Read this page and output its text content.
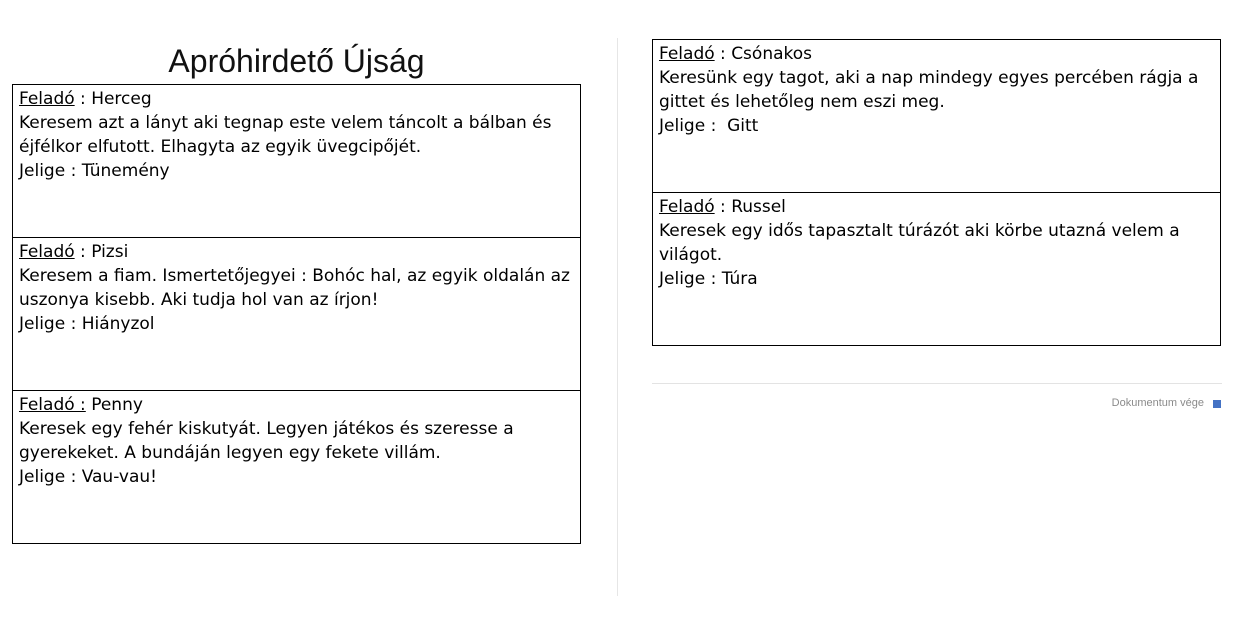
Apróhirdető Újság

Feladó : Herceg

Keresem azt a lányt aki tegnap este velem táncolt a bálban és

éjfélkor elfutott. Elhagyta az egyik üvegcipőjét.

Jelige : Tünemény

Feladó : Pizsi

Keresem a fiam. Ismertetőjegyei : Bohóc hal, az egyik oldalán az

uszonya kisebb. Aki tudja hol van az írjon!

Jelige : Hiányzol

Feladó : Penny

Keresek egy fehér kiskutyát. Legyen játékos és szeresse a

gyerekeket. A bundáján legyen egy fekete villám.

Jelige : Vau-vau!

Feladó : Csónakos

Keresünk egy tagot, aki a nap mindegy egyes percében rágja a

gittet és lehetőleg nem eszi meg.

Jelige :  Gitt

Feladó : Russel

Keresek egy idős tapasztalt túrázót aki körbe utazná velem a

világot.

Jelige : Túra

Dokumentum vége
